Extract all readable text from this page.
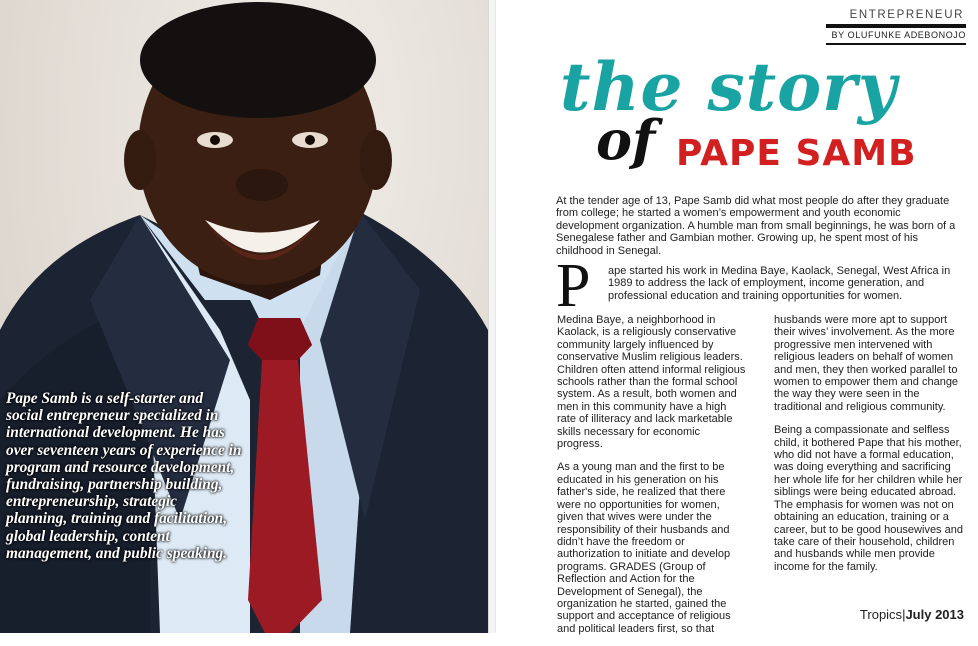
Pape Samb is a self-starter and social entrepreneur specialized in international development. He has over seventeen years of experience in program and resource development, fundraising, partnership building, entrepreneurship, strategic planning, training and facilitation, global leadership, content management, and public speaking.

ENTREPRENEUR

BY OLUFUNKE ADEBONOJO

the story
of PAPE SAMB

At the tender age of 13, Pape Samb did what most people do after they graduate from college; he started a women’s empowerment and youth economic development organization. A humble man from small beginnings, he was born of a Senegalese father and Gambian mother. Growing up, he spent most of his childhood in Senegal.

P ape started his work in Medina Baye, Kaolack, Senegal, West Africa in 1989 to address the lack of employment, income generation, and professional education and training opportunities for women.

Medina Baye, a neighborhood in Kaolack, is a religiously conservative community largely influenced by conservative Muslim religious leaders. Children often attend informal religious schools rather than the formal school system. As a result, both women and men in this community have a high rate of illiteracy and lack marketable skills necessary for economic progress.

As a young man and the first to be educated in his generation on his father's side, he realized that there were no opportunities for women, given that wives were under the responsibility of their husbands and didn’t have the freedom or authorization to initiate and develop programs. GRADES (Group of Reflection and Action for the Development of Senegal), the organization he started, gained the support and acceptance of religious and political leaders first, so that

husbands were more apt to support their wives’ involvement. As the more progressive men intervened with religious leaders on behalf of women and men, they then worked parallel to women to empower them and change the way they were seen in the traditional and religious community.

Being a compassionate and selfless child, it bothered Pape that his mother, who did not have a formal education, was doing everything and sacrificing her whole life for her children while her siblings were being educated abroad. The emphasis for women was not on obtaining an education, training or a career, but to be good housewives and take care of their household, children and husbands while men provide income for the family.

Tropics|July 2013
